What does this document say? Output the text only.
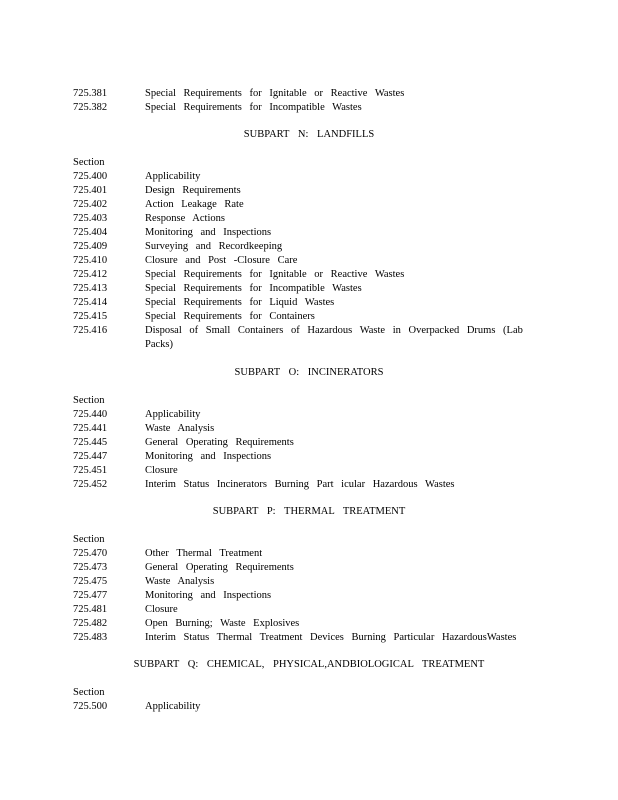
725.381	Special Requirements for Ignitable or Reactive Wastes
725.382	Special Requirements for Incompatible Wastes
SUBPART N: LANDFILLS
Section
725.400	Applicability
725.401	Design Requirements
725.402	Action Leakage Rate
725.403	Response Actions
725.404	Monitoring and Inspections
725.409	Surveying and Recordkeeping
725.410	Closure and Post -Closure Care
725.412	Special Requirements for Ignitable or Reactive Wastes
725.413	Special Requirements for Incompatible Wastes
725.414	Special Requirements for Liquid Wastes
725.415	Special Requirements for Containers
725.416	Disposal of Small Containers of Hazardous Waste in Overpacked Drums (Lab Packs)
SUBPART O: INCINERATORS
Section
725.440	Applicability
725.441	Waste Analysis
725.445	General Operating Requirements
725.447	Monitoring and Inspections
725.451	Closure
725.452	Interim Status Incinerators Burning Part icular Hazardous Wastes
SUBPART P: THERMAL TREATMENT
Section
725.470	Other Thermal Treatment
725.473	General Operating Requirements
725.475	Waste Analysis
725.477	Monitoring and Inspections
725.481	Closure
725.482	Open Burning; Waste Explosives
725.483	Interim Status Thermal Treatment Devices Burning Particular HazardousWastes
SUBPART Q: CHEMICAL, PHYSICAL,ANDBIOLOGICAL TREATMENT
Section
725.500	Applicability
